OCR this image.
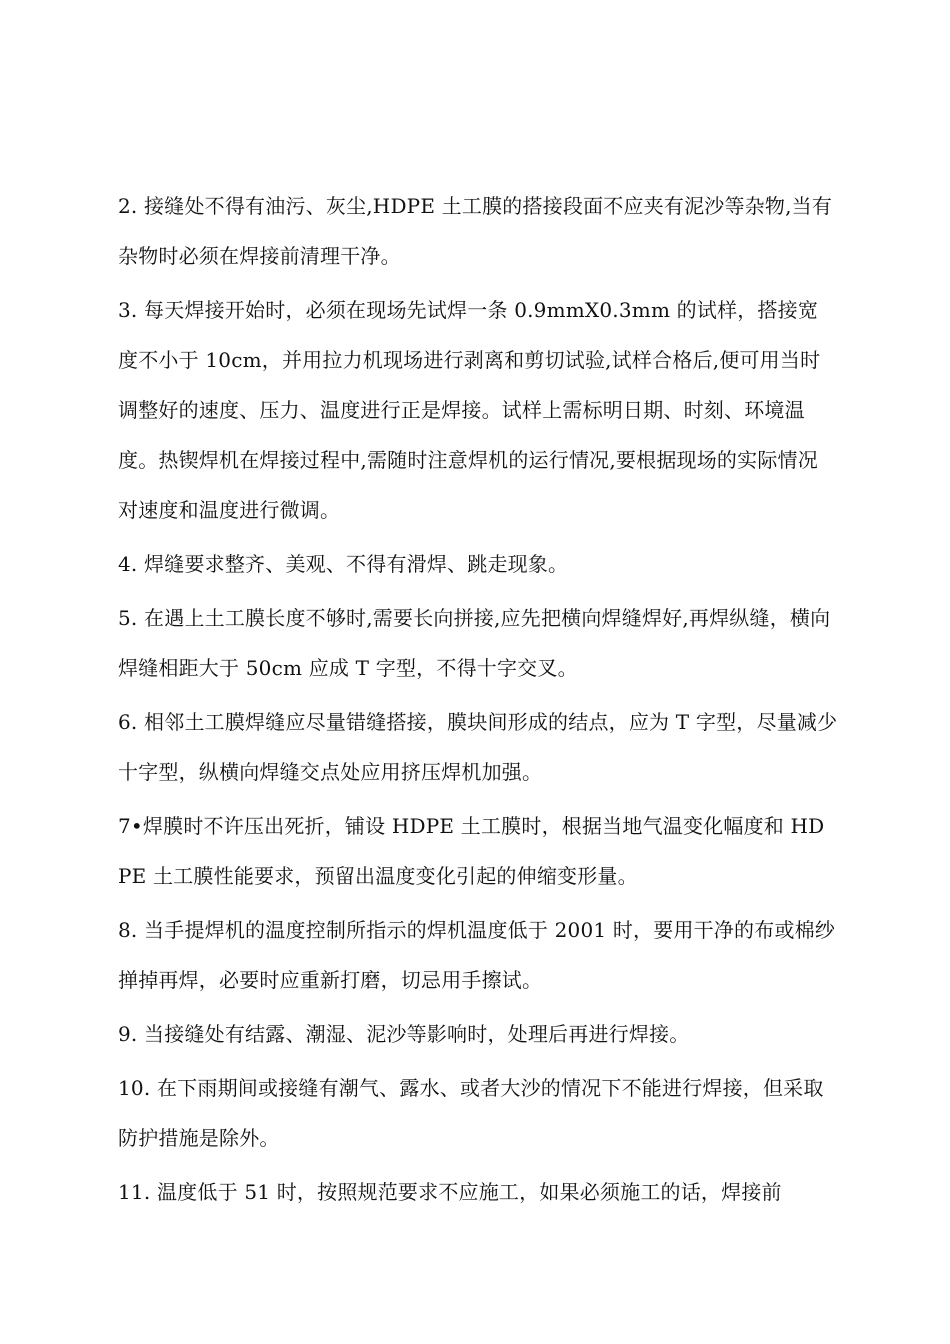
2. 接缝处不得有油污、灰尘,HDPE 土工膜的搭接段面不应夹有泥沙等杂物,当有杂物时必须在焊接前清理干净。

3. 每天焊接开始时，必须在现场先试焊一条 0.9mmX0.3mm 的试样，搭接宽度不小于 10cm，并用拉力机现场进行剥离和剪切试验,试样合格后,便可用当时调整好的速度、压力、温度进行正是焊接。试样上需标明日期、时刻、环境温度。热锲焊机在焊接过程中,需随时注意焊机的运行情况,要根据现场的实际情况对速度和温度进行微调。

4. 焊缝要求整齐、美观、不得有滑焊、跳走现象。

5. 在遇上土工膜长度不够时,需要长向拼接,应先把横向焊缝焊好,再焊纵缝，横向焊缝相距大于 50cm 应成 T 字型，不得十字交叉。

6. 相邻土工膜焊缝应尽量错缝搭接，膜块间形成的结点，应为 T 字型，尽量减少十字型，纵横向焊缝交点处应用挤压焊机加强。

7•焊膜时不许压出死折，铺设 HDPE 土工膜时，根据当地气温变化幅度和 HDPE 土工膜性能要求，预留出温度变化引起的伸缩变形量。

8. 当手提焊机的温度控制所指示的焊机温度低于 2001 时，要用干净的布或棉纱掸掉再焊，必要时应重新打磨，切忌用手擦试。

9. 当接缝处有结露、潮湿、泥沙等影响时，处理后再进行焊接。

10. 在下雨期间或接缝有潮气、露水、或者大沙的情况下不能进行焊接，但采取防护措施是除外。

11. 温度低于 51 时，按照规范要求不应施工，如果必须施工的话，焊接前
